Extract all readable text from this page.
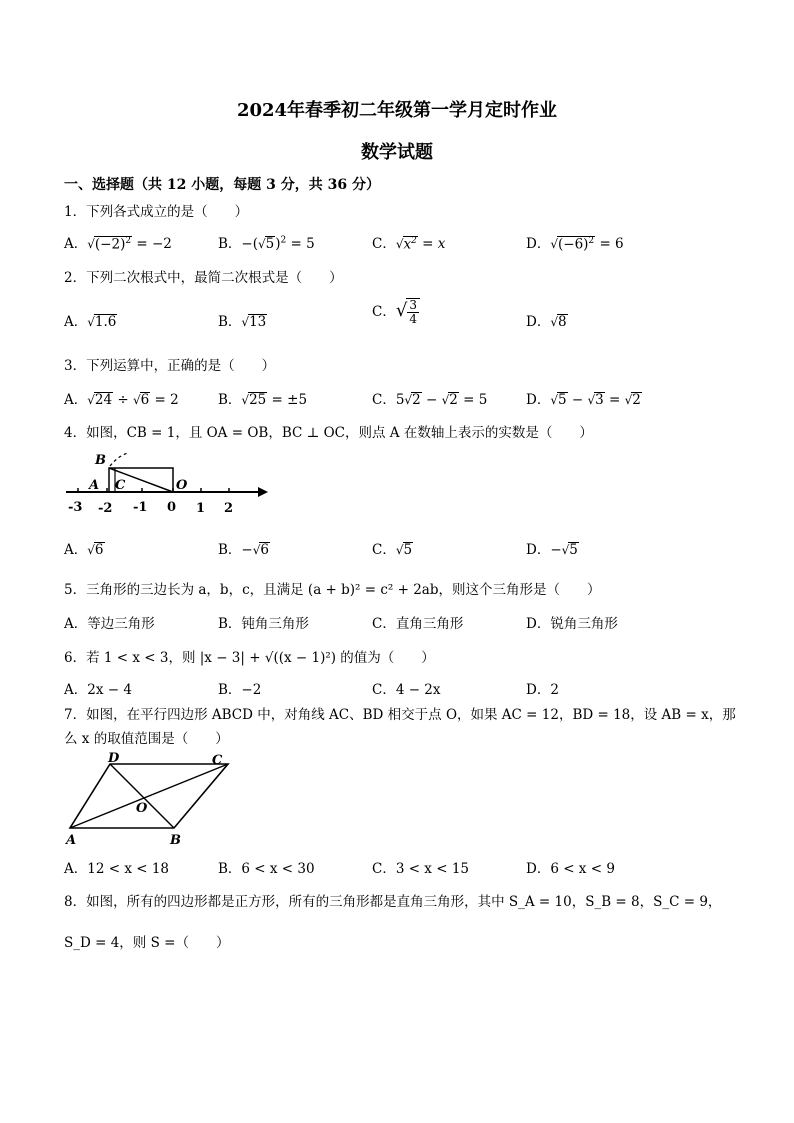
2024年春季初二年级第一学月定时作业
数学试题
一、选择题（共 12 小题，每题 3 分，共 36 分）
1．下列各式成立的是（　　）
A．$√(-2)^2 = -2$	B．$-(√5)^2 = 5$	C．$√x^2 = x$	D．$√(-6)^2 = 6$
2．下列二次根式中，最简二次根式是（　　）
A．√1.6	B．√13
C．√ $\frac{3}{4}$	D．√8
3．下列运算中，正确的是（　　）
A．√24 ÷ √6 = 2	B．√25 = ±5	C．5√2 − √2 = 5	D．√5 − √3 = √2
4．如图，CB = 1，且 OA = OB，BC ⊥ OC，则点 A 在数轴上表示的实数是（　　）
B
A C	O
-3 -2 -1 0 1 2
A．√6	B．−√6	C．√5	D．−√5
5．三角形的三边长为 a，b，c，且满足 (a + b)² = c² + 2ab，则这个三角形是（　　）
A．等边三角形	B．钝角三角形	C．直角三角形	D．锐角三角形
6．若 1 < x < 3，则 |x − 3| + √((x − 1)²) 的值为（　　）
A．2x − 4	B．−2	C．4 − 2x	D．2
7．如图，在平行四边形 ABCD 中，对角线 AC、BD 相交于点 O，如果 AC = 12，BD = 18，设 AB = x，那
么 x 的取值范围是（　　）
D	C
O
A	B
A．12 < x < 18	B．6 < x < 30	C．3 < x < 15	D．6 < x < 9
8．如图，所有的四边形都是正方形，所有的三角形都是直角三角形，其中 S_A = 10，S_B = 8，S_C = 9，
S_D = 4，则 S =（　　）
